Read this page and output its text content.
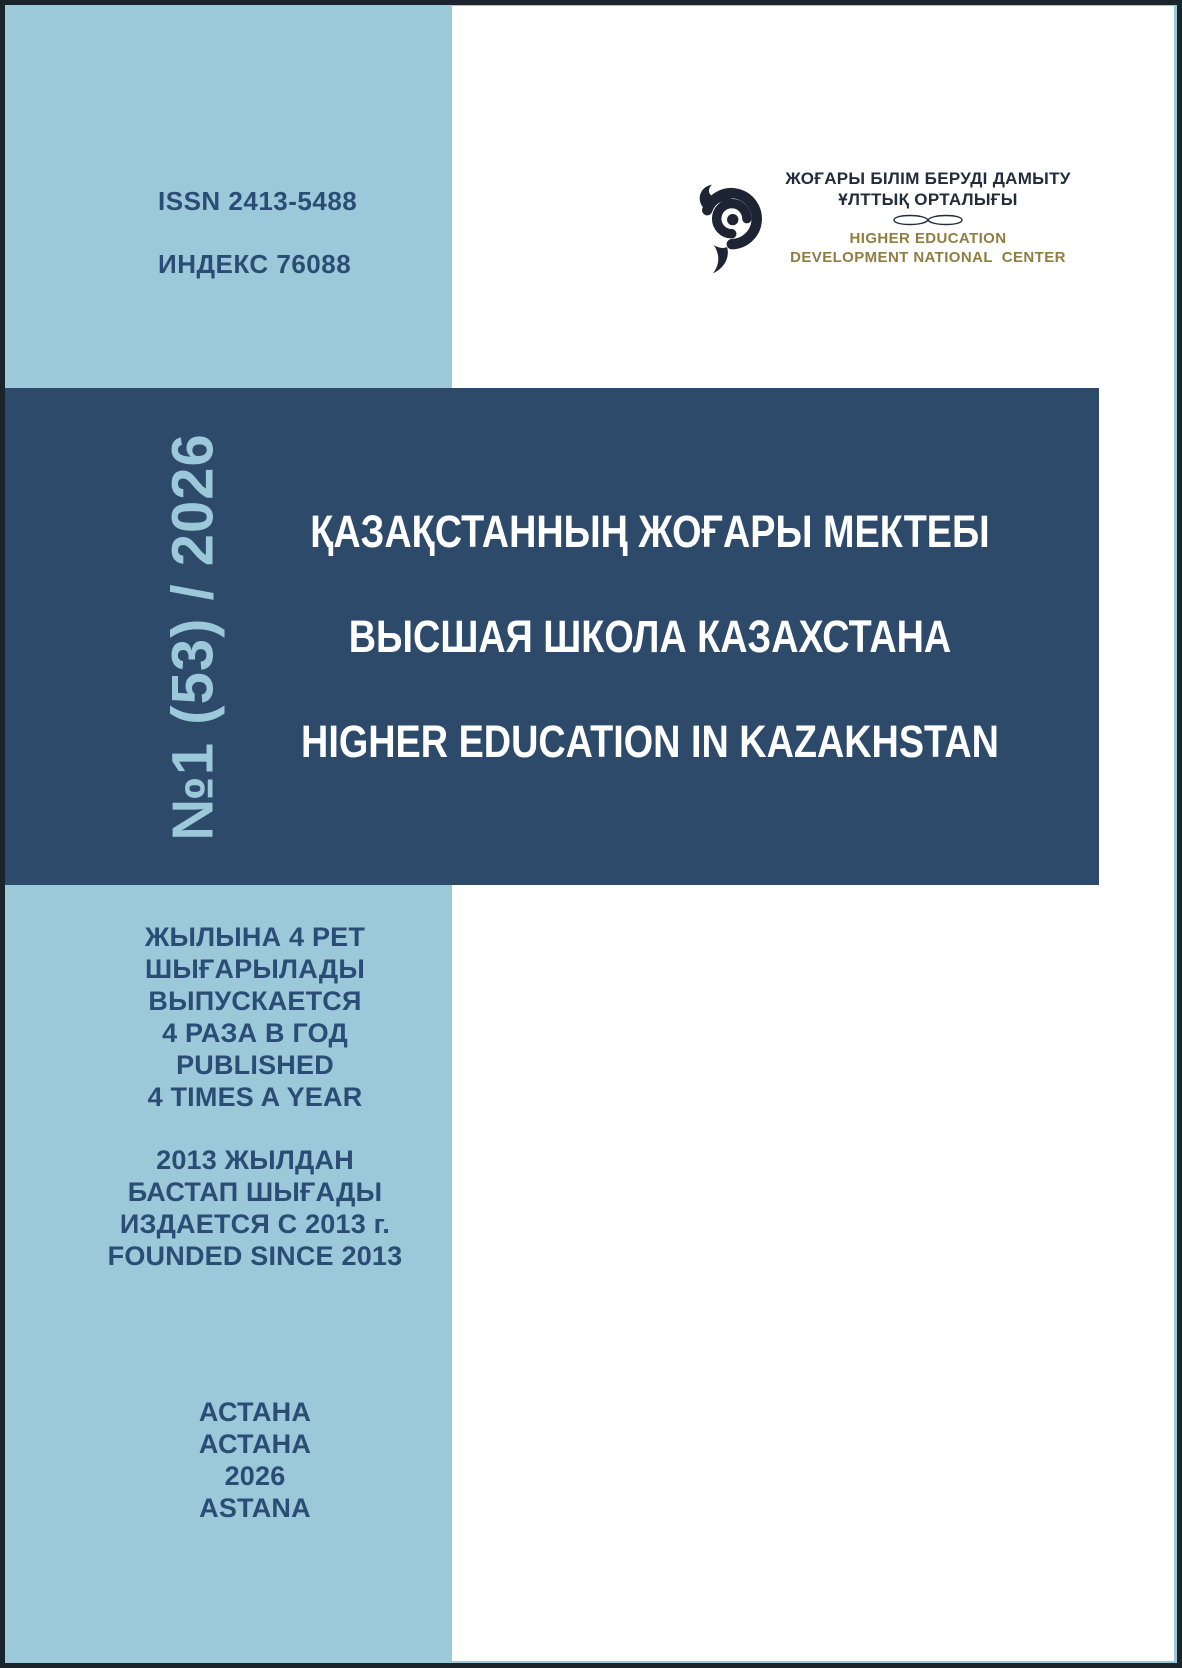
ISSN 2413-5488
ИНДЕКС 76088
ЖОҒАРЫ БІЛІМ БЕРУДІ ДАМЫТУ
ҰЛТТЫҚ ОРТАЛЫҒЫ
HIGHER EDUCATION
DEVELOPMENT NATIONAL  CENTER
№1 (53) / 2026 ҚАЗАҚСТАННЫҢ ЖОҒАРЫ МЕКТЕБІ
ВЫСШАЯ ШКОЛА КАЗАХСТАНА
HIGHER EDUCATION IN KAZAKHSTAN
ЖЫЛЫНА 4 РЕТ
ШЫҒАРЫЛАДЫ
ВЫПУСКАЕТСЯ
4 РАЗА В ГОД
PUBLISHED
4 TIMES A YEAR
2013 ЖЫЛДАН
БАСТАП ШЫҒАДЫ
ИЗДАЕТСЯ С 2013 г.
FOUNDED SINCE 2013
АСТАНА
АСТАНА
2026
ASTANA
